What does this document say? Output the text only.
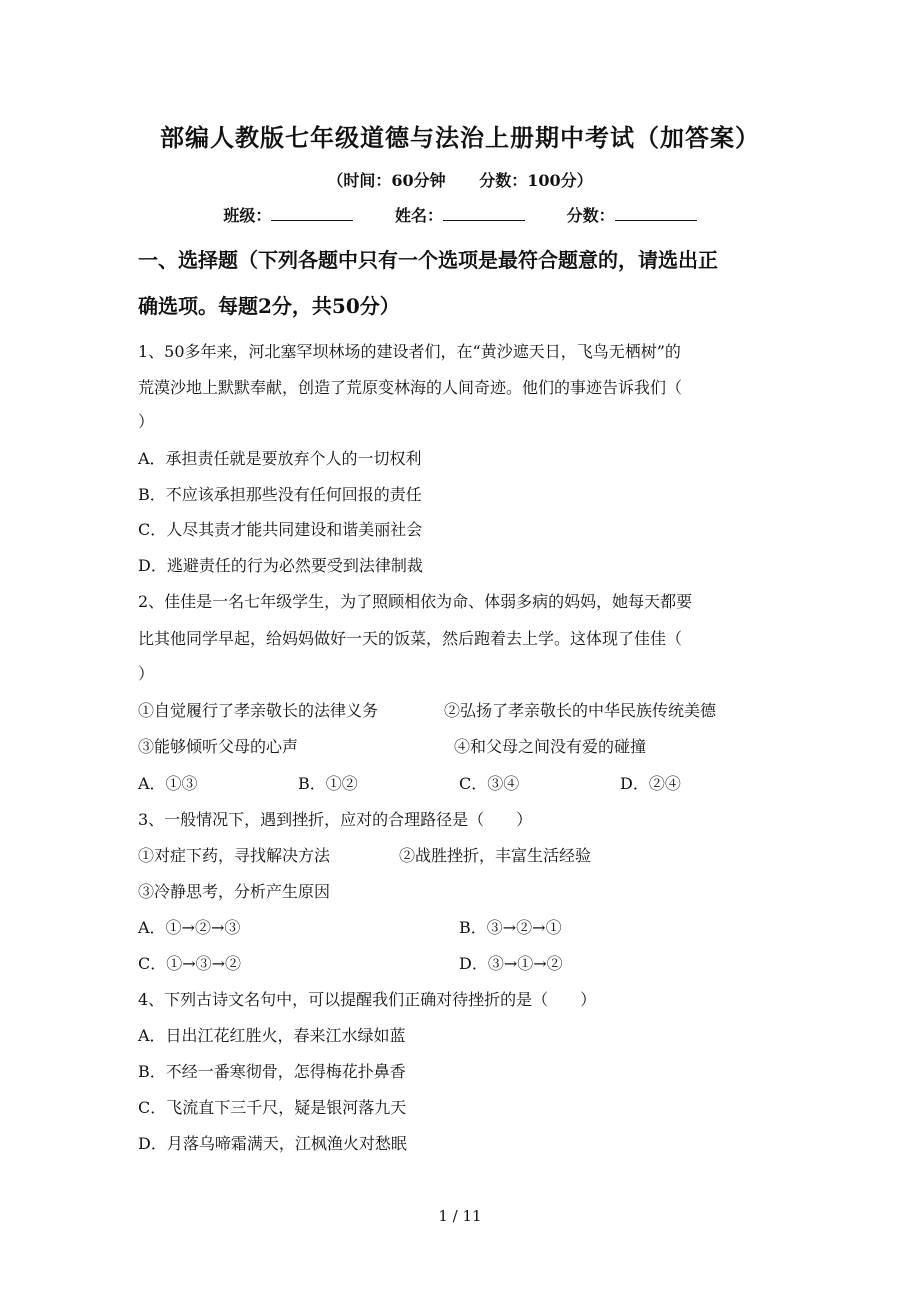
部编人教版七年级道德与法治上册期中考试（加答案）
（时间：60分钟 分数：100分）
班级：	姓名：	分数：
一、选择题（下列各题中只有一个选项是最符合题意的，请选出正
确选项。每题2分，共50分）
1、50多年来，河北塞罕坝林场的建设者们，在“黄沙遮天日，飞鸟无栖树”的
荒漠沙地上默默奉献，创造了荒原变林海的人间奇迹。他们的事迹告诉我们（
）
A．承担责任就是要放弃个人的一切权利
B．不应该承担那些没有任何回报的责任
C．人尽其责才能共同建设和谐美丽社会
D．逃避责任的行为必然要受到法律制裁
2、佳佳是一名七年级学生，为了照顾相依为命、体弱多病的妈妈，她每天都要
比其他同学早起，给妈妈做好一天的饭菜，然后跑着去上学。这体现了佳佳（
）
①自觉履行了孝亲敬长的法律义务	②弘扬了孝亲敬长的中华民族传统美德
③能够倾听父母的心声	④和父母之间没有爱的碰撞
A．①③	B．①②	C．③④	D．②④
3、一般情况下，遇到挫折，应对的合理路径是（　　）
①对症下药，寻找解决方法	②战胜挫折，丰富生活经验
③冷静思考，分析产生原因
A．①→②→③	B．③→②→①
C．①→③→②	D．③→①→②
4、下列古诗文名句中，可以提醒我们正确对待挫折的是（　　）
A．日出江花红胜火，春来江水绿如蓝
B．不经一番寒彻骨，怎得梅花扑鼻香
C．飞流直下三千尺，疑是银河落九天
D．月落乌啼霜满天，江枫渔火对愁眠
1 / 11
